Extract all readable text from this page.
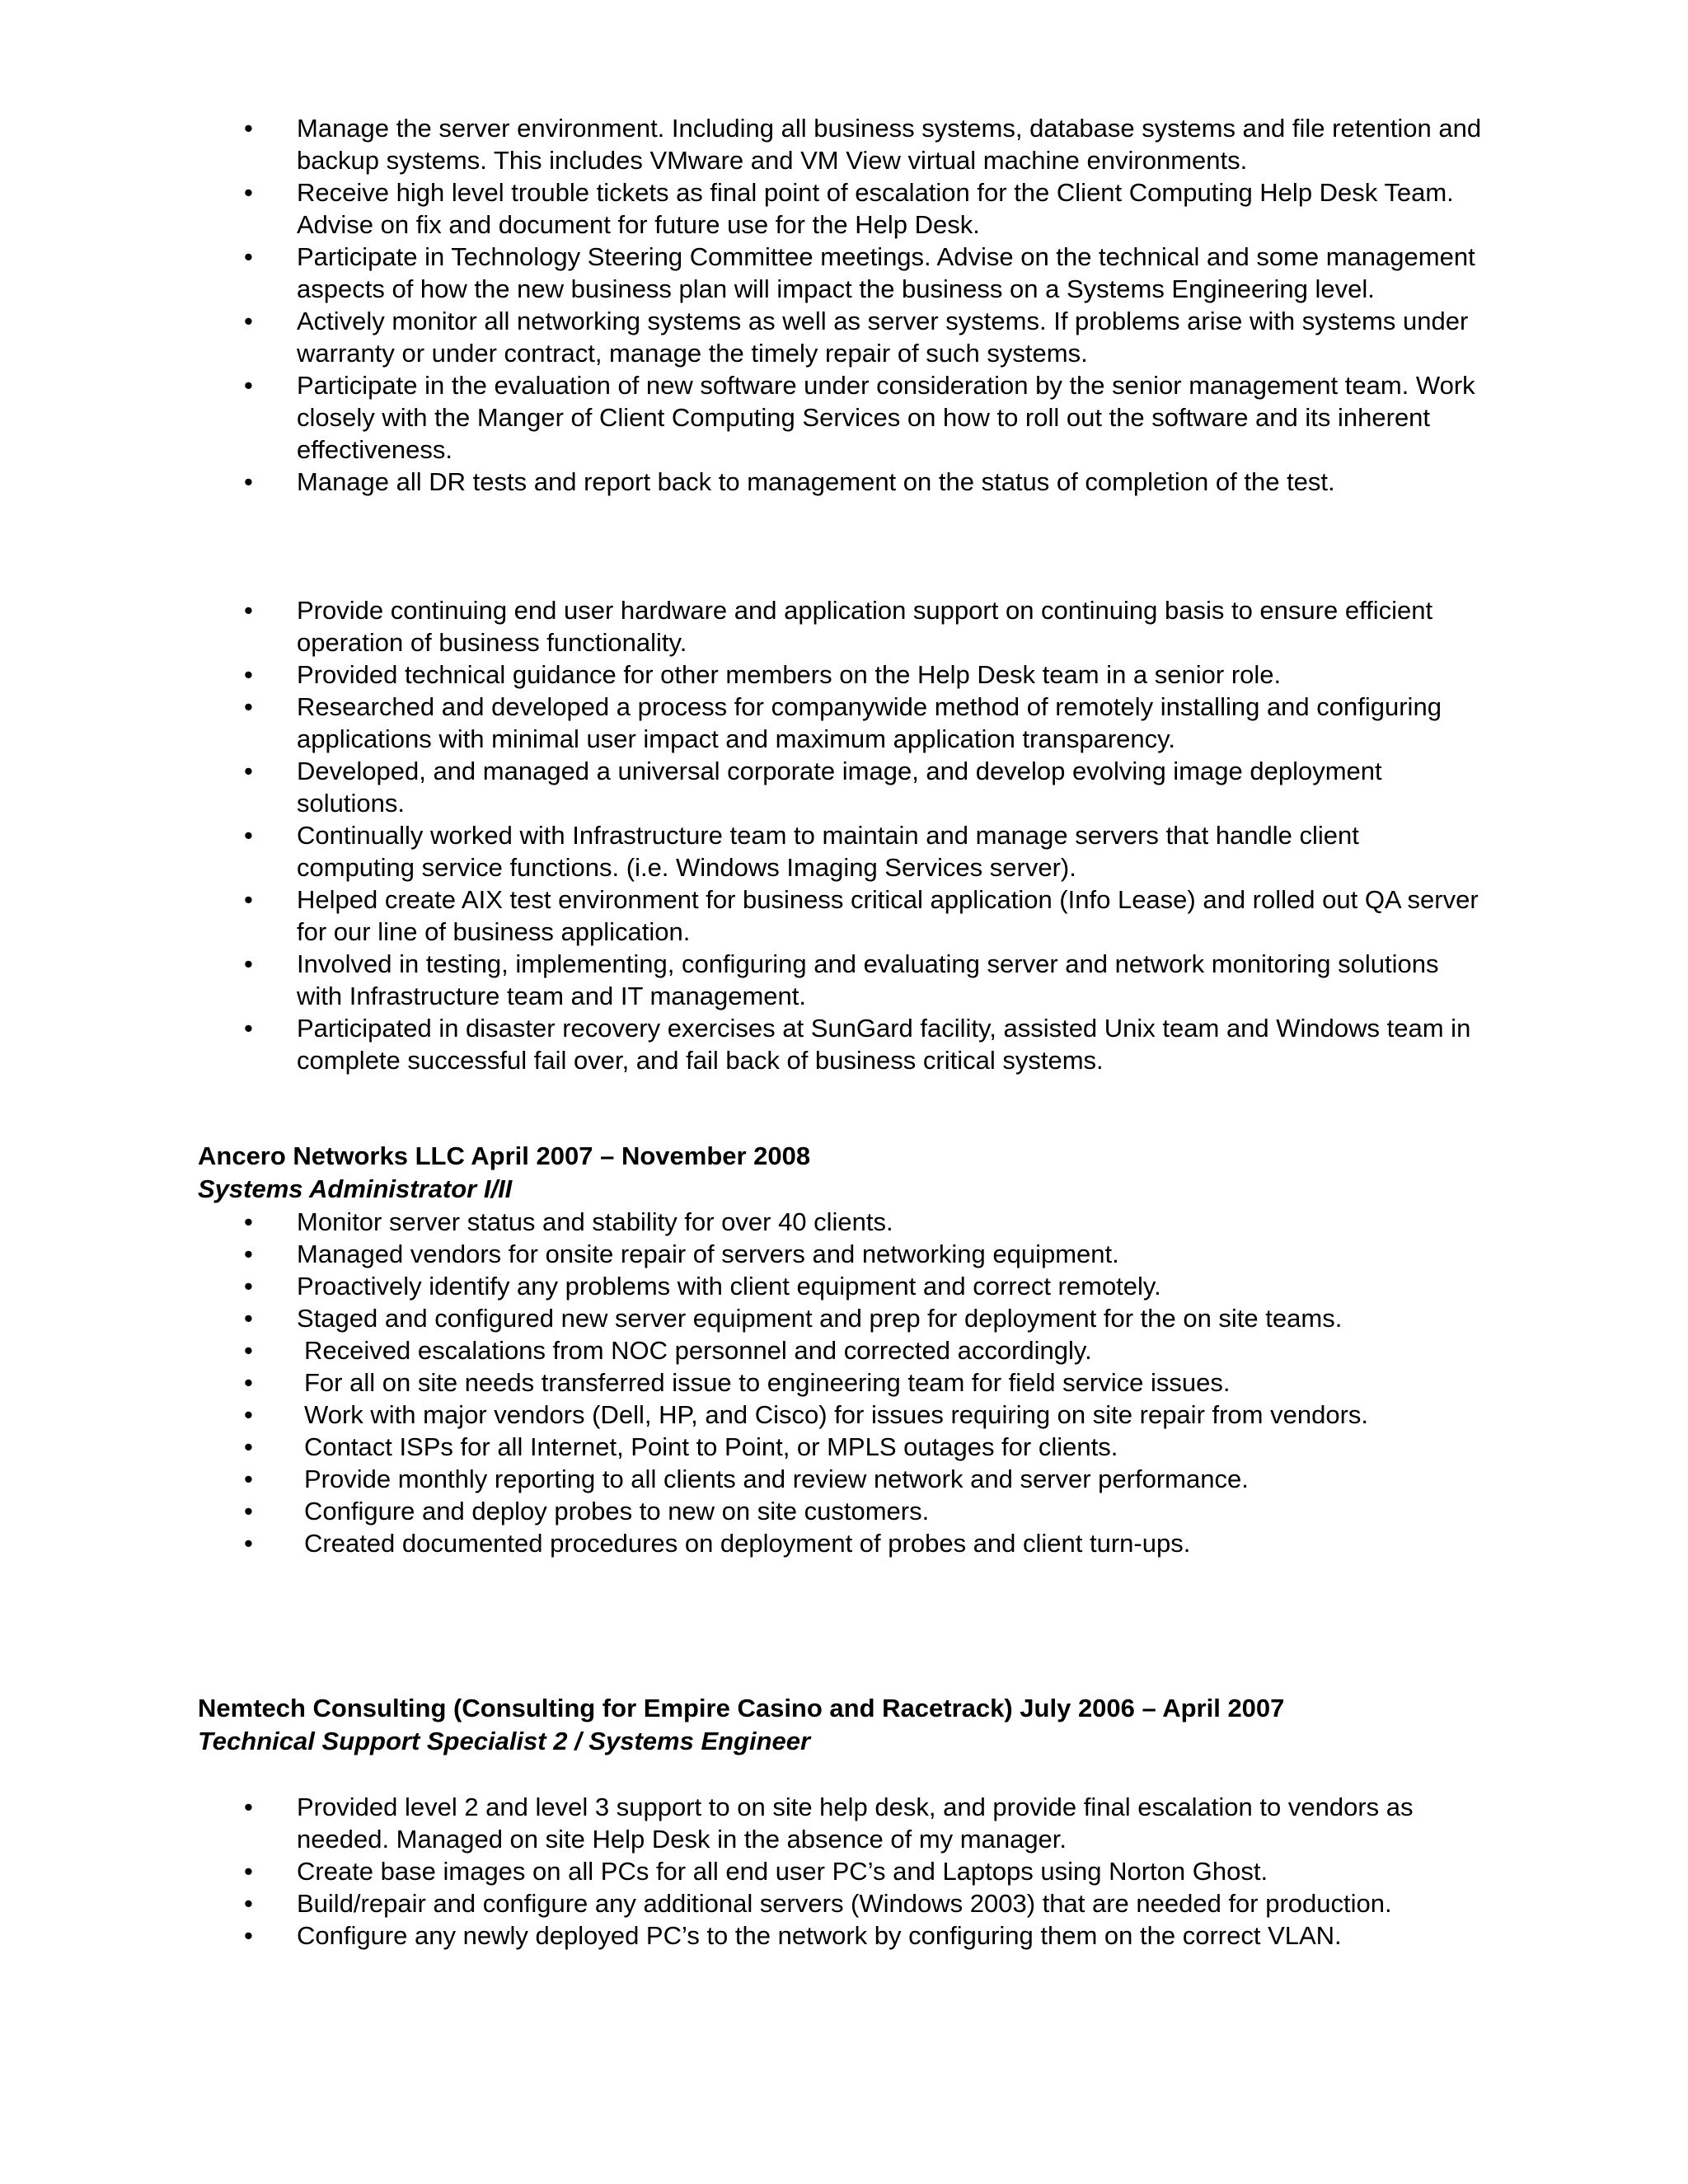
• Manage the server environment. Including all business systems, database systems and file retention and backup systems. This includes VMware and VM View virtual machine environments.
• Receive high level trouble tickets as final point of escalation for the Client Computing Help Desk Team. Advise on fix and document for future use for the Help Desk.
• Participate in Technology Steering Committee meetings. Advise on the technical and some management aspects of how the new business plan will impact the business on a Systems Engineering level.
• Actively monitor all networking systems as well as server systems. If problems arise with systems under warranty or under contract, manage the timely repair of such systems.
• Participate in the evaluation of new software under consideration by the senior management team. Work closely with the Manger of Client Computing Services on how to roll out the software and its inherent effectiveness.
• Manage all DR tests and report back to management on the status of completion of the test.
• Provide continuing end user hardware and application support on continuing basis to ensure efficient operation of business functionality.
• Provided technical guidance for other members on the Help Desk team in a senior role.
• Researched and developed a process for companywide method of remotely installing and configuring applications with minimal user impact and maximum application transparency.
• Developed, and managed a universal corporate image, and develop evolving image deployment solutions.
• Continually worked with Infrastructure team to maintain and manage servers that handle client computing service functions. (i.e. Windows Imaging Services server).
• Helped create AIX test environment for business critical application (Info Lease) and rolled out QA server for our line of business application.
• Involved in testing, implementing, configuring and evaluating server and network monitoring solutions with Infrastructure team and IT management.
• Participated in disaster recovery exercises at SunGard facility, assisted Unix team and Windows team in complete successful fail over, and fail back of business critical systems.
Ancero Networks LLC April 2007 – November 2008
Systems Administrator I/II
• Monitor server status and stability for over 40 clients.
• Managed vendors for onsite repair of servers and networking equipment.
• Proactively identify any problems with client equipment and correct remotely.
• Staged and configured new server equipment and prep for deployment for the on site teams.
• Received escalations from NOC personnel and corrected accordingly.
• For all on site needs transferred issue to engineering team for field service issues.
• Work with major vendors (Dell, HP, and Cisco) for issues requiring on site repair from vendors.
• Contact ISPs for all Internet, Point to Point, or MPLS outages for clients.
• Provide monthly reporting to all clients and review network and server performance.
• Configure and deploy probes to new on site customers.
• Created documented procedures on deployment of probes and client turn-ups.
Nemtech Consulting (Consulting for Empire Casino and Racetrack) July 2006 – April 2007
Technical Support Specialist 2 / Systems Engineer
• Provided level 2 and level 3 support to on site help desk, and provide final escalation to vendors as needed. Managed on site Help Desk in the absence of my manager.
• Create base images on all PCs for all end user PC’s and Laptops using Norton Ghost.
• Build/repair and configure any additional servers (Windows 2003) that are needed for production.
• Configure any newly deployed PC’s to the network by configuring them on the correct VLAN.
